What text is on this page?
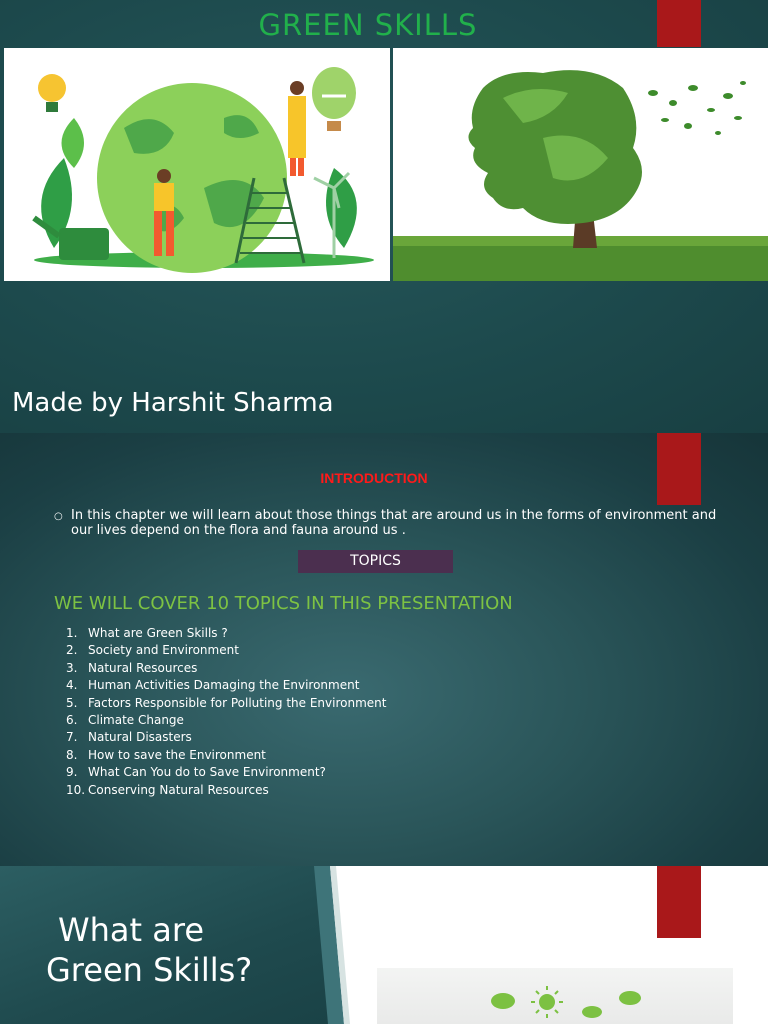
GREEN SKILLS
Made by Harshit Sharma
INTRODUCTION
○ In this chapter we will learn about those things that are around us in the forms of environment and our lives depend on the flora and fauna around us .
TOPICS
WE WILL COVER 10 TOPICS IN THIS PRESENTATION
1. What are Green Skills ?
2. Society and Environment
3. Natural Resources
4. Human Activities Damaging the Environment
5. Factors Responsible for Polluting the Environment
6. Climate Change
7. Natural Disasters
8. How to save the Environment
9. What Can You do to Save Environment?
10. Conserving Natural Resources
What are
Green Skills?
